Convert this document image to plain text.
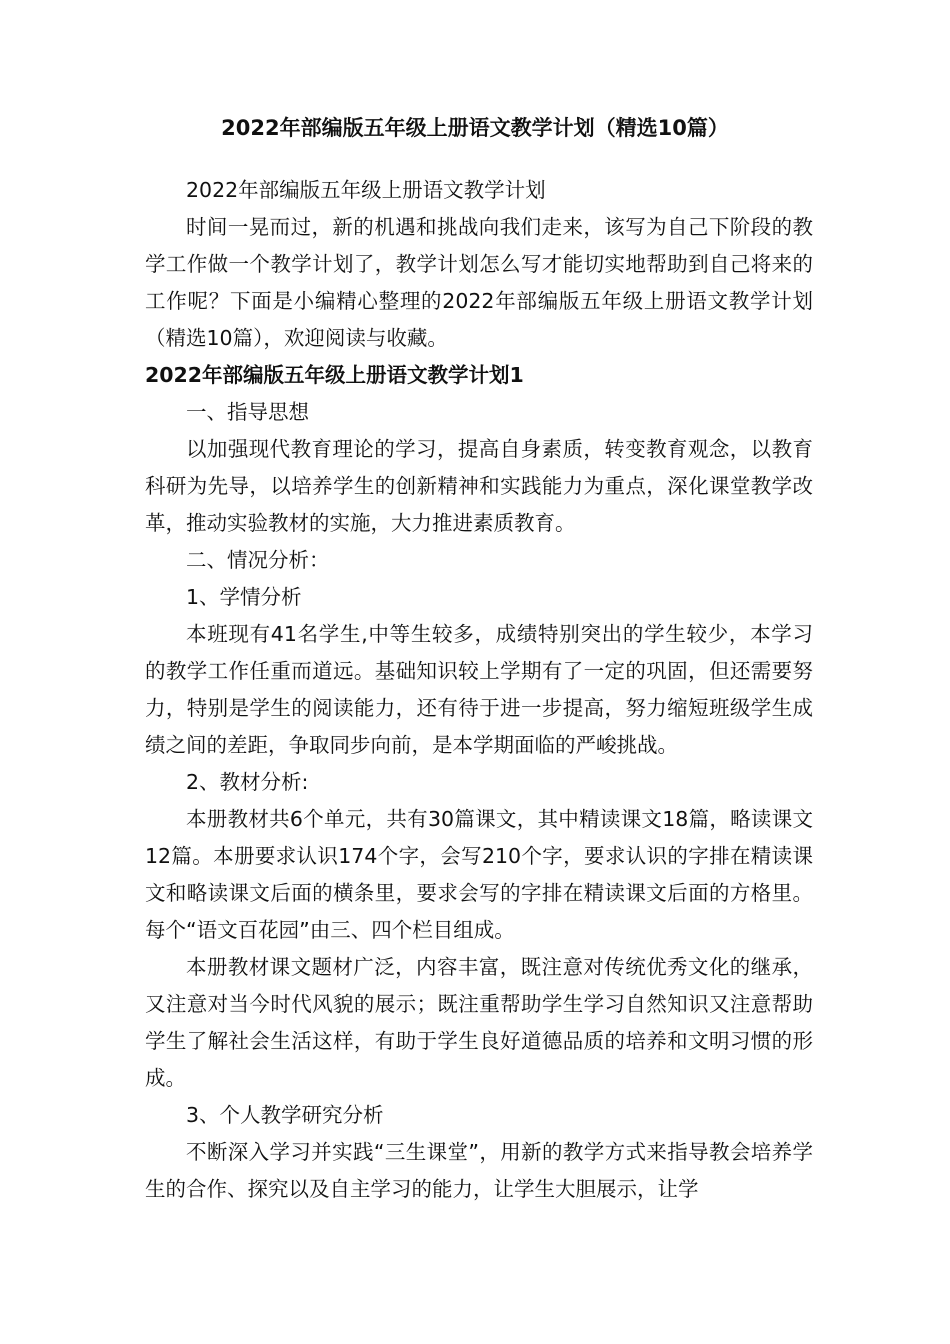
2022年部编版五年级上册语文教学计划（精选10篇）

2022年部编版五年级上册语文教学计划

时间一晃而过，新的机遇和挑战向我们走来，该写为自己下阶段的教学工作做一个教学计划了，教学计划怎么写才能切实地帮助到自己将来的工作呢？下面是小编精心整理的2022年部编版五年级上册语文教学计划（精选10篇），欢迎阅读与收藏。

2022年部编版五年级上册语文教学计划1

一、指导思想

以加强现代教育理论的学习，提高自身素质，转变教育观念，以教育科研为先导，以培养学生的创新精神和实践能力为重点，深化课堂教学改革，推动实验教材的实施，大力推进素质教育。

二、情况分析：

1、学情分析

本班现有41名学生,中等生较多，成绩特别突出的学生较少，本学习的教学工作任重而道远。基础知识较上学期有了一定的巩固，但还需要努力，特别是学生的阅读能力，还有待于进一步提高，努力缩短班级学生成绩之间的差距，争取同步向前，是本学期面临的严峻挑战。

2、教材分析:

本册教材共6个单元，共有30篇课文，其中精读课文18篇，略读课文12篇。本册要求认识174个字，会写210个字，要求认识的字排在精读课文和略读课文后面的横条里，要求会写的字排在精读课文后面的方格里。每个“语文百花园”由三、四个栏目组成。

本册教材课文题材广泛，内容丰富，既注意对传统优秀文化的继承，又注意对当今时代风貌的展示；既注重帮助学生学习自然知识又注意帮助学生了解社会生活这样，有助于学生良好道德品质的培养和文明习惯的形成。

3、个人教学研究分析

不断深入学习并实践“三生课堂”，用新的教学方式来指导教会培养学生的合作、探究以及自主学习的能力，让学生大胆展示，让学
